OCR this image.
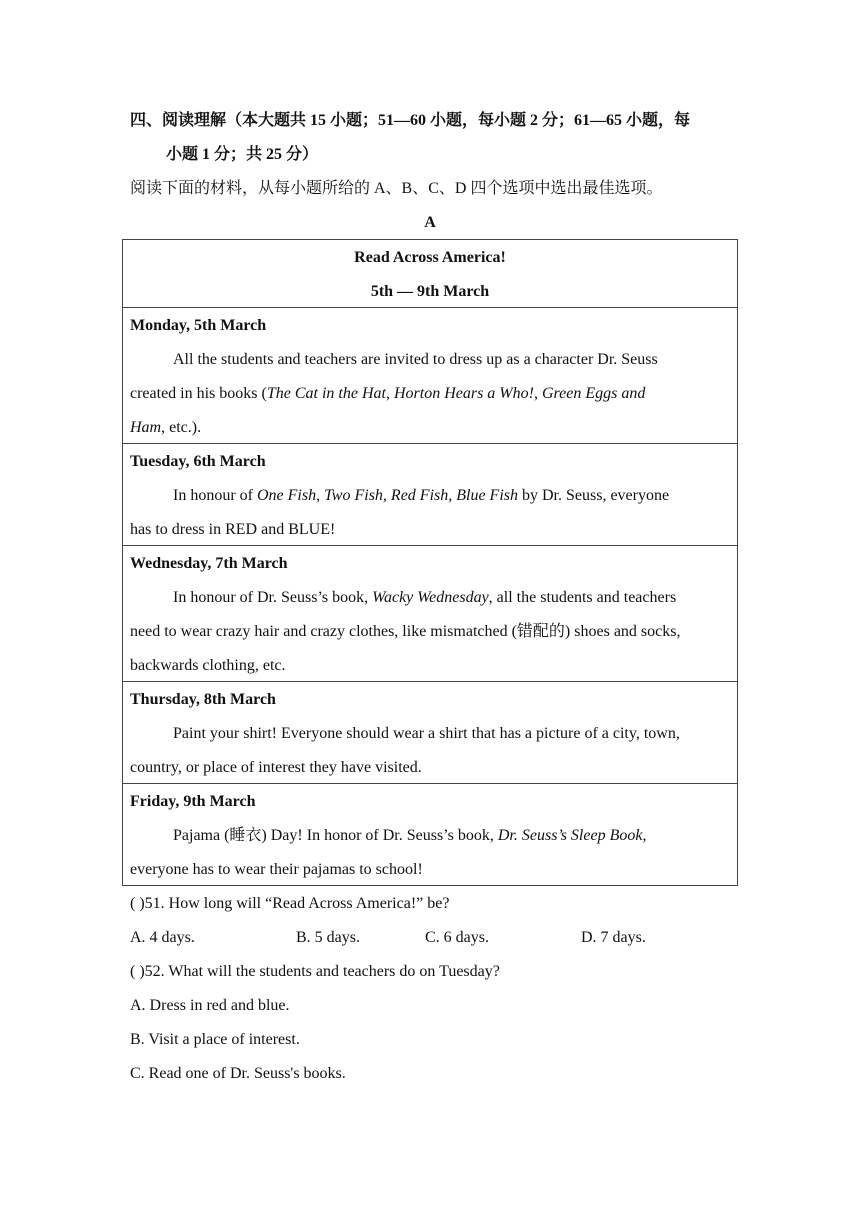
四、阅读理解（本大题共 15 小题；51—60 小题，每小题 2 分；61—65 小题，每
小题 1 分；共 25 分）
阅读下面的材料，从每小题所给的 A、B、C、D 四个选项中选出最佳选项。
A
Read Across America!
5th — 9th March
Monday, 5th March
All the students and teachers are invited to dress up as a character Dr. Seuss
created in his books (The Cat in the Hat, Horton Hears a Who!, Green Eggs and
Ham, etc.).
Tuesday, 6th March
In honour of One Fish, Two Fish, Red Fish, Blue Fish by Dr. Seuss, everyone
has to dress in RED and BLUE!
Wednesday, 7th March
In honour of Dr. Seuss’s book, Wacky Wednesday, all the students and teachers
need to wear crazy hair and crazy clothes, like mismatched (错配的) shoes and socks,
backwards clothing, etc.
Thursday, 8th March
Paint your shirt! Everyone should wear a shirt that has a picture of a city, town,
country, or place of interest they have visited.
Friday, 9th March
Pajama (睡衣) Day! In honor of Dr. Seuss’s book, Dr. Seuss’s Sleep Book,
everyone has to wear their pajamas to school!
( )51. How long will “Read Across America!” be?
A. 4 days.	B. 5 days.	C. 6 days.	D. 7 days.
( )52. What will the students and teachers do on Tuesday?
A. Dress in red and blue.
B. Visit a place of interest.
C. Read one of Dr. Seuss's books.
